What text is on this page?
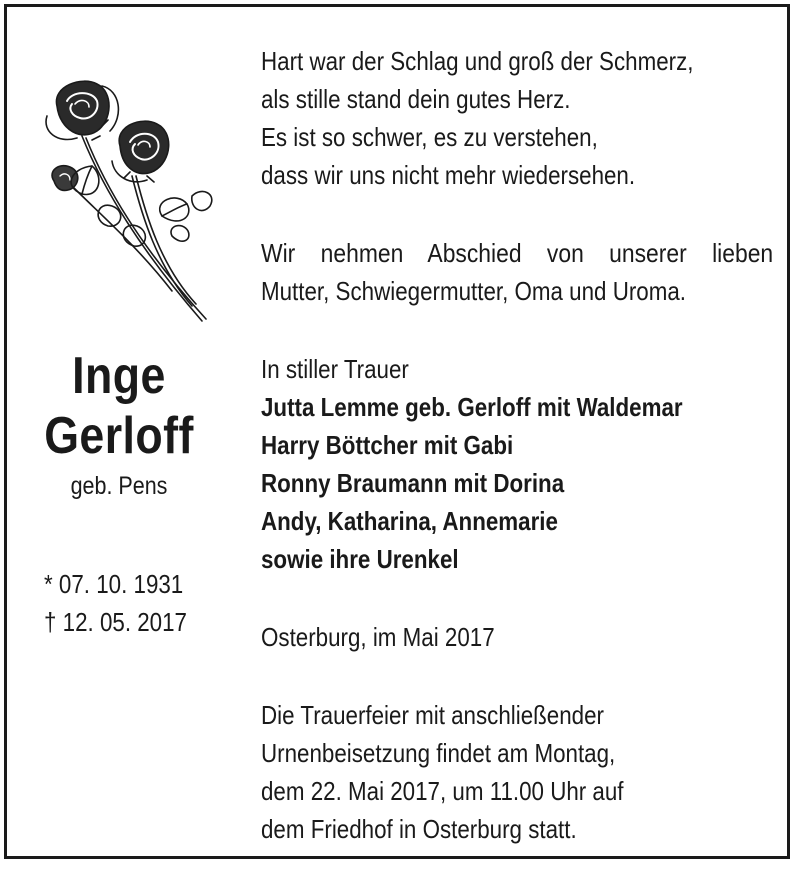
Inge
Gerloff
geb. Pens
* 07. 10. 1931
† 12. 05. 2017
Hart war der Schlag und groß der Schmerz,
als stille stand dein gutes Herz.
Es ist so schwer, es zu verstehen,
dass wir uns nicht mehr wiedersehen.
Wir nehmen Abschied von unserer lieben
Mutter, Schwiegermutter, Oma und Uroma.
In stiller Trauer
Jutta Lemme geb. Gerloff mit Waldemar
Harry Böttcher mit Gabi
Ronny Braumann mit Dorina
Andy, Katharina, Annemarie
sowie ihre Urenkel
Osterburg, im Mai 2017
Die Trauerfeier mit anschließender
Urnenbeisetzung findet am Montag,
dem 22. Mai 2017, um 11.00 Uhr auf
dem Friedhof in Osterburg statt.
